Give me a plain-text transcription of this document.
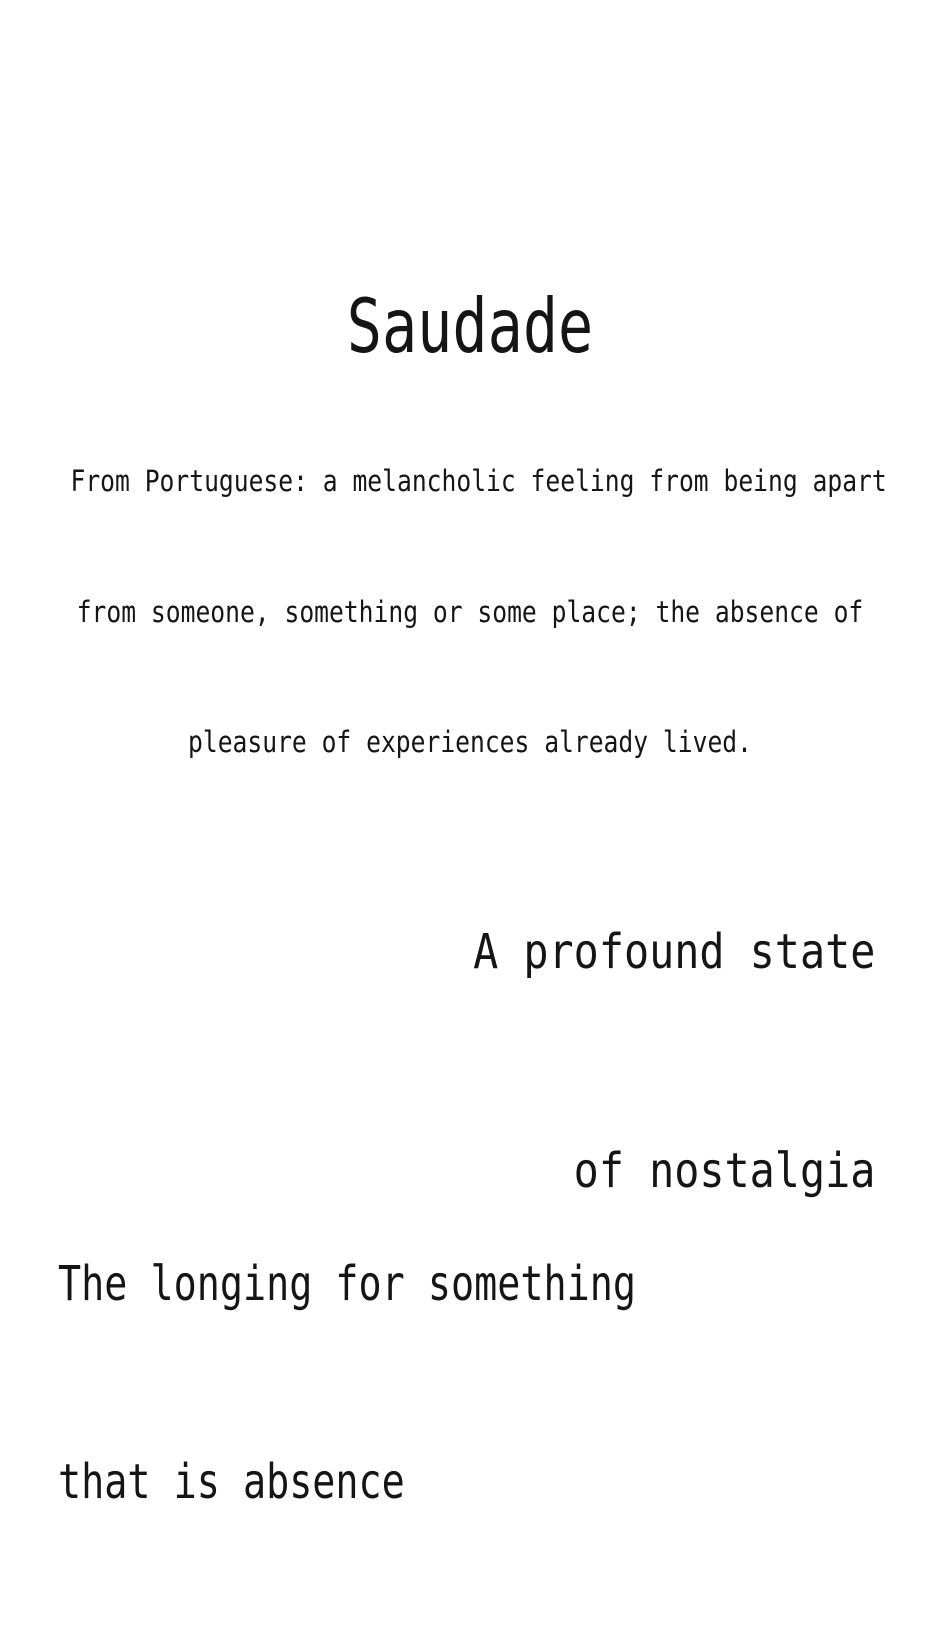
Saudade

From Portuguese: a melancholic feeling from being apart

from someone, something or some place; the absence of

pleasure of experiences already lived.

A profound state

of nostalgia

The longing for something

that is absence
